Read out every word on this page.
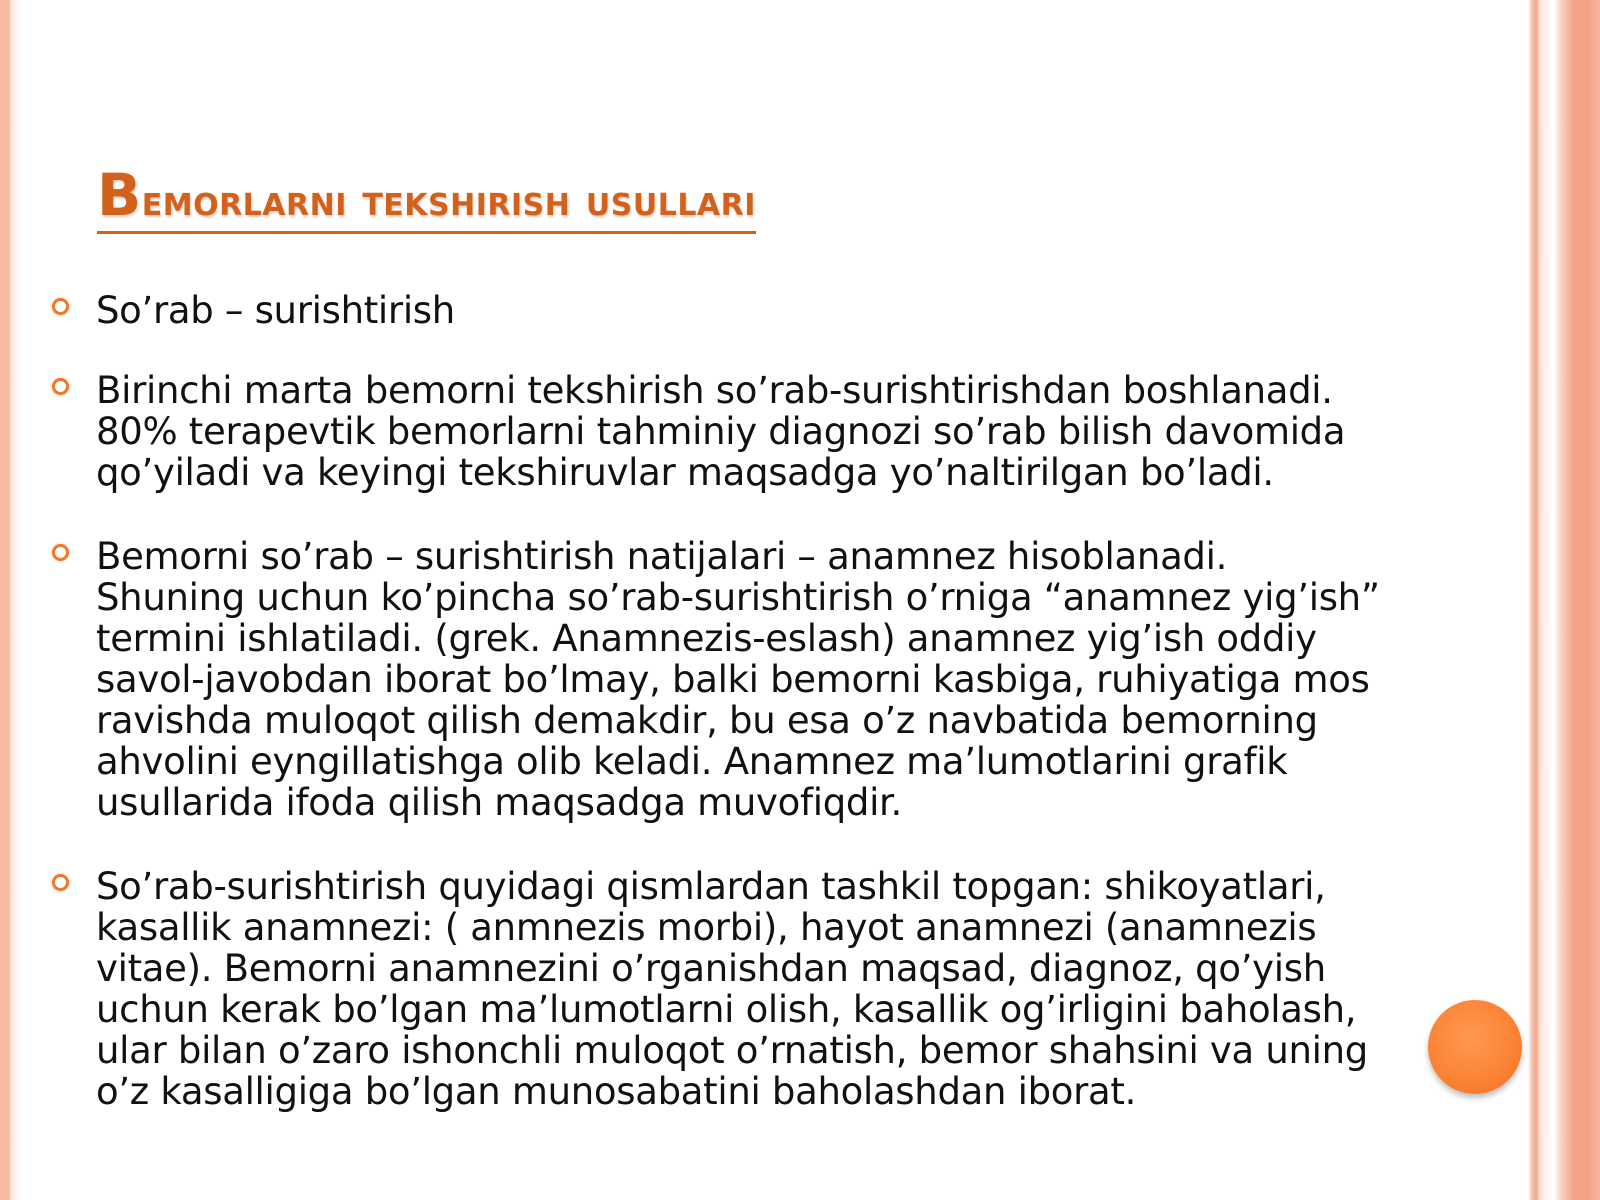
Bemorlarni tekshirish usullari

So’rab – surishtirish

Birinchi marta bemorni tekshirish so’rab-surishtirishdan boshlanadi.
80% terapevtik bemorlarni tahminiy diagnozi so’rab bilish davomida
qo’yiladi va keyingi tekshiruvlar maqsadga yo’naltirilgan bo’ladi.

Bemorni so’rab – surishtirish natijalari – anamnez hisoblanadi.
Shuning uchun ko’pincha so’rab-surishtirish o’rniga “anamnez yig’ish”
termini ishlatiladi. (grek. Anamnezis-eslash) anamnez yig’ish oddiy
savol-javobdan iborat bo’lmay, balki bemorni kasbiga, ruhiyatiga mos
ravishda muloqot qilish demakdir, bu esa o’z navbatida bemorning
ahvolini eyngillatishga olib keladi. Anamnez ma’lumotlarini grafik
usullarida ifoda qilish maqsadga muvofiqdir.

So’rab-surishtirish quyidagi qismlardan tashkil topgan: shikoyatlari,
kasallik anamnezi: ( anmnezis morbi), hayot anamnezi (anamnezis
vitae). Bemorni anamnezini o’rganishdan maqsad, diagnoz, qo’yish
uchun kerak bo’lgan ma’lumotlarni olish, kasallik og’irligini baholash,
ular bilan o’zaro ishonchli muloqot o’rnatish, bemor shahsini va uning
o’z kasalligiga bo’lgan munosabatini baholashdan iborat.
